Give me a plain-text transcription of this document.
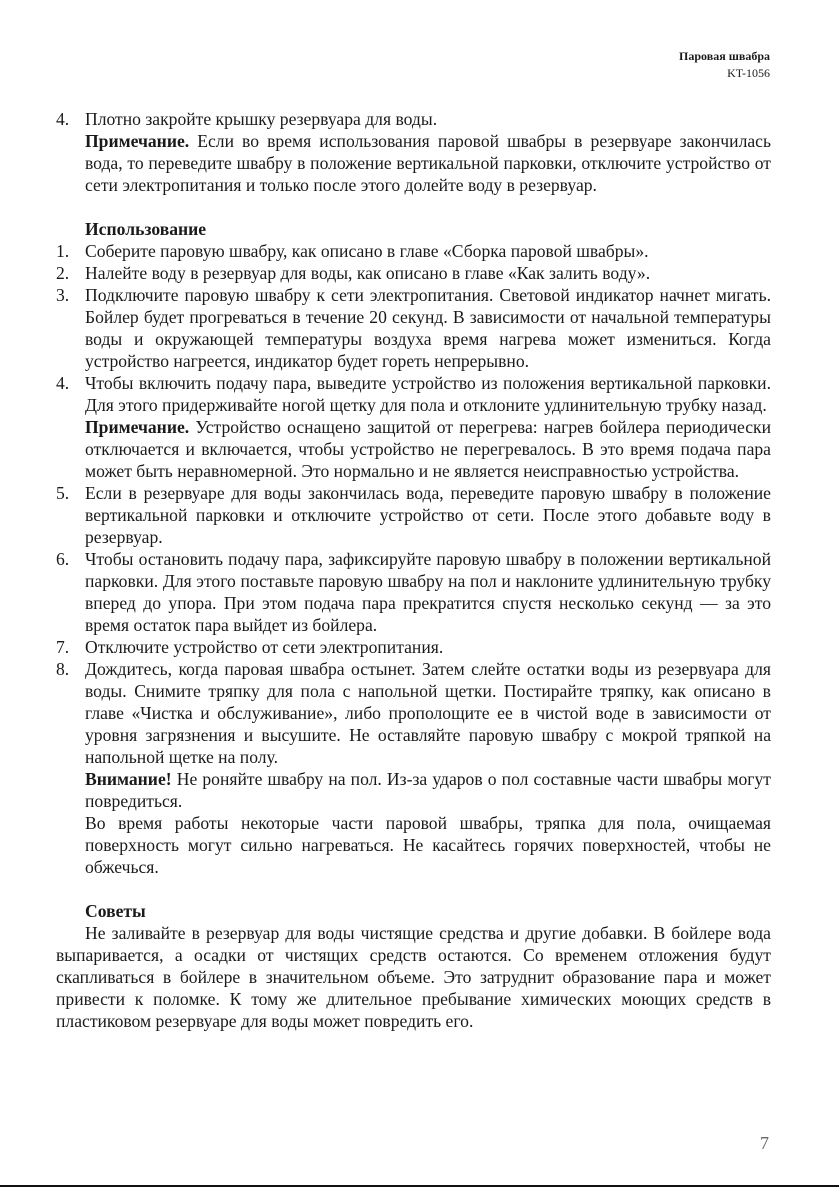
Паровая швабра
KT-1056
4. Плотно закройте крышку резервуара для воды.

Примечание. Если во время использования паровой швабры в резервуаре закончилась вода, то переведите швабру в положение вертикальной парковки, отключите устройство от сети электропитания и только после этого долейте воду в резервуар.

Использование
1. Соберите паровую швабру, как описано в главе «Сборка паровой швабры».

2. Налейте воду в резервуар для воды, как описано в главе «Как залить воду».

3. Подключите паровую швабру к сети электропитания. Световой индикатор начнет мигать. Бойлер будет прогреваться в течение 20 секунд. В зависимости от начальной температуры воды и окружающей температуры воздуха время нагрева может измениться. Когда устройство нагреется, индикатор будет гореть непрерывно.

4. Чтобы включить подачу пара, выведите устройство из положения вертикальной парковки. Для этого придерживайте ногой щетку для пола и отклоните удлинительную трубку назад.

Примечание. Устройство оснащено защитой от перегрева: нагрев бойлера периодически отключается и включается, чтобы устройство не перегревалось. В это время подача пара может быть неравномерной. Это нормально и не является неисправностью устройства.

5. Если в резервуаре для воды закончилась вода, переведите паровую швабру в положение вертикальной парковки и отключите устройство от сети. После этого добавьте воду в резервуар.

6. Чтобы остановить подачу пара, зафиксируйте паровую швабру в положении вертикальной парковки. Для этого поставьте паровую швабру на пол и наклоните удлинительную трубку вперед до упора. При этом подача пара прекратится спустя несколько секунд — за это время остаток пара выйдет из бойлера.

7. Отключите устройство от сети электропитания.

8. Дождитесь, когда паровая швабра остынет. Затем слейте остатки воды из резервуара для воды. Снимите тряпку для пола с напольной щетки. Постирайте тряпку, как описано в главе «Чистка и обслуживание», либо прополощите ее в чистой воде в зависимости от уровня загрязнения и высушите. Не оставляйте паровую швабру с мокрой тряпкой на напольной щетке на полу.

Внимание! Не роняйте швабру на пол. Из-за ударов о пол составные части швабры могут повредиться.

Во время работы некоторые части паровой швабры, тряпка для пола, очищаемая поверхность могут сильно нагреваться. Не касайтесь горячих поверхностей, чтобы не обжечься.

Советы

Не заливайте в резервуар для воды чистящие средства и другие добавки. В бойлере вода выпаривается, а осадки от чистящих средств остаются. Со временем отложения будут скапливаться в бойлере в значительном объеме. Это затруднит образование пара и может привести к поломке. К тому же длительное пребывание химических моющих средств в пластиковом резервуаре для воды может повредить его.

7
